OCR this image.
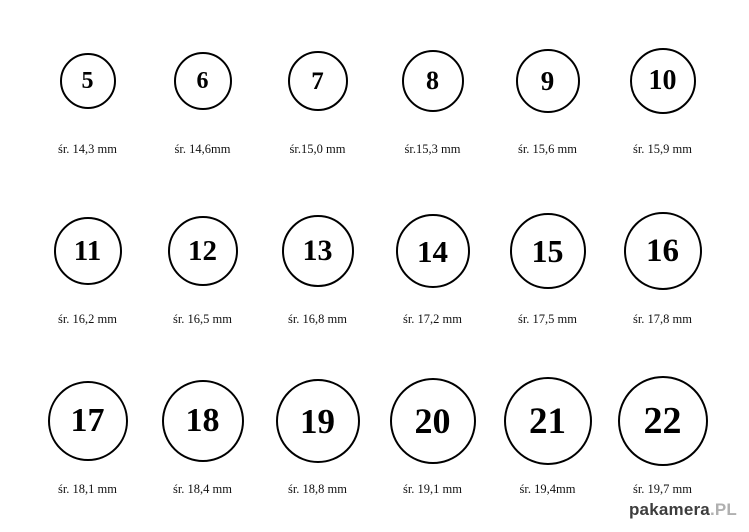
5
śr. 14,3 mm
6
śr. 14,6mm
7
śr.15,0 mm
8
śr.15,3 mm
9
śr. 15,6 mm
10
śr. 15,9 mm
11
śr. 16,2 mm
12
śr. 16,5 mm
13
śr. 16,8 mm
14
śr. 17,2 mm
15
śr. 17,5 mm
16
śr. 17,8 mm
17
śr. 18,1 mm
18
śr. 18,4 mm
19
śr. 18,8 mm
20
śr. 19,1 mm
21
śr. 19,4mm
22
śr. 19,7 mm
pakamera.PL
